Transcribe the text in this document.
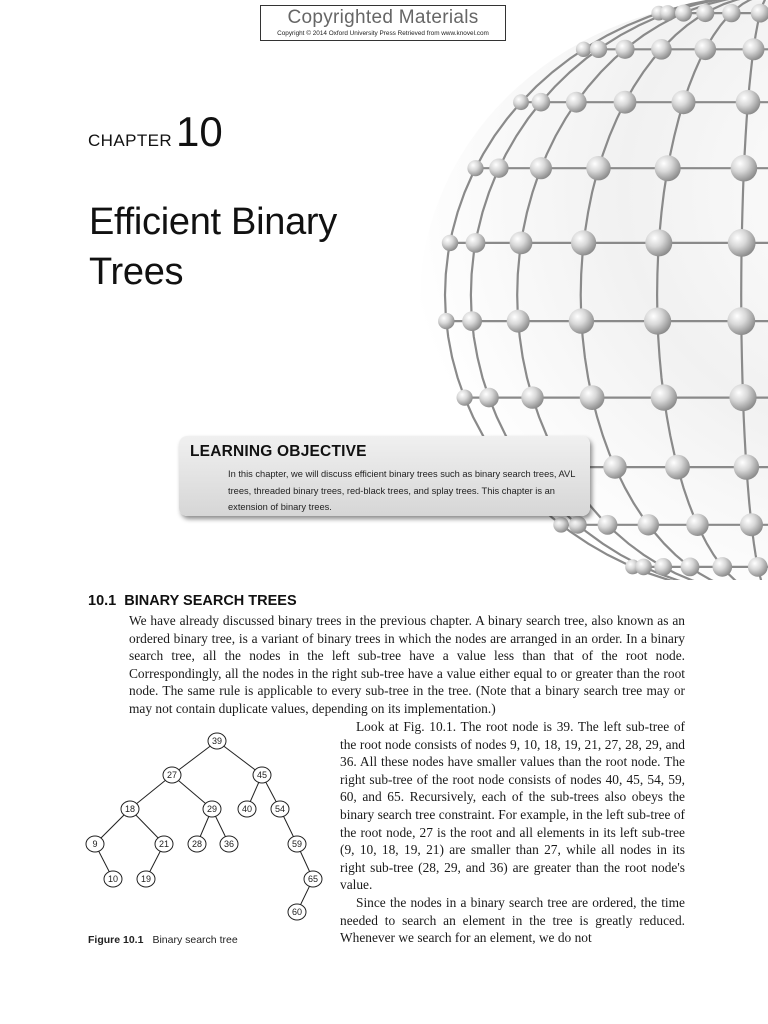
Copyrighted Materials
Copyright © 2014 Oxford University Press Retrieved from www.knovel.com
CHAPTER10
Efficient Binary
Trees
LEARNING OBJECTIVE
In this chapter, we will discuss efficient binary trees such as binary search trees, AVL trees, threaded binary trees, red-black trees, and splay trees. This chapter is an extension of binary trees.
10.1 BINARY SEARCH TREES

We have already discussed binary trees in the previous chapter. A binary search tree, also known as an ordered binary tree, is a variant of binary trees in which the nodes are arranged in an order. In a binary search tree, all the nodes in the left sub-tree have a value less than that of the root node. Correspondingly, all the nodes in the right sub-tree have a value either equal to or greater than the root node. The same rule is applicable to every sub-tree in the tree. (Note that a binary search tree may or may not contain duplicate values, depending on its implementation.)

Look at Fig. 10.1. The root node is 39. The left sub-tree of the root node consists of nodes 9, 10, 18, 19, 21, 27, 28, 29, and 36. All these nodes have smaller values than the root node. The right sub-tree of the root node consists of nodes 40, 45, 54, 59, 60, and 65. Recursively, each of the sub-trees also obeys the binary search tree constraint. For example, in the left sub-tree of the root node, 27 is the root and all elements in its left sub-tree (9, 10, 18, 19, 21) are smaller than 27, while all nodes in its right sub-tree (28, 29, and 36) are greater than the root node's value.

Since the nodes in a binary search tree are ordered, the time needed to search an element in the tree is greatly reduced. Whenever we search for an element, we do not

39
27	45
18	29	40	54
9	21	28 36	59
10	19	65
60
Figure 10.1 Binary search tree
